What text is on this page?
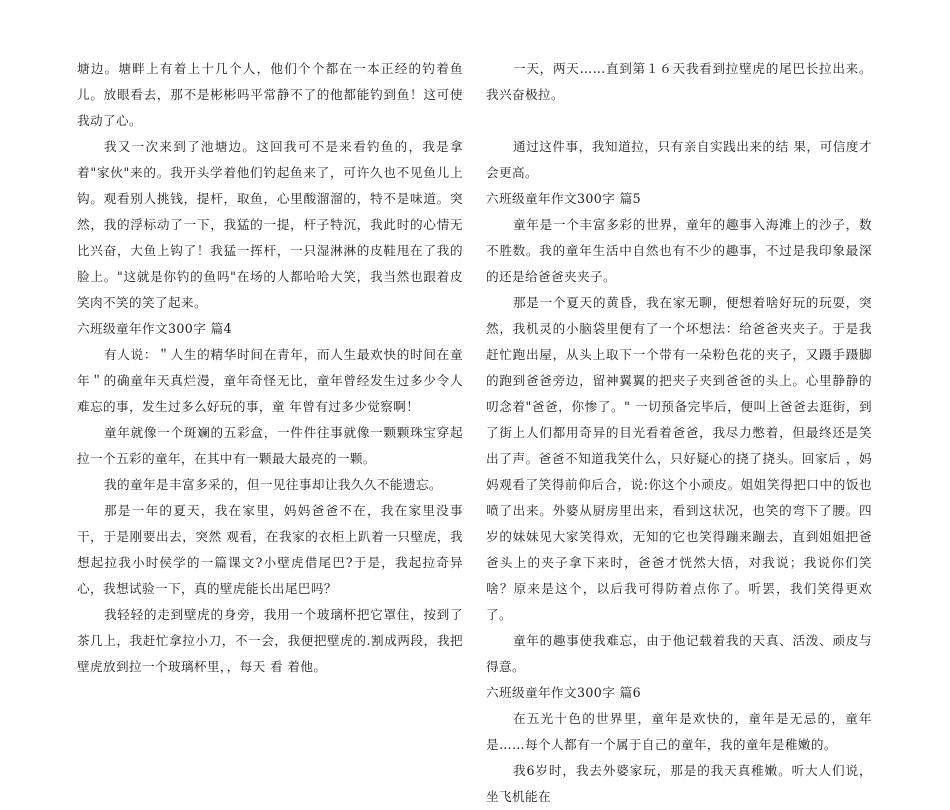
塘边。塘畔上有着上十几个人，他们个个都在一本正经的钓着鱼儿。放眼看去，那不是彬彬吗平常静不了的他都能钓到鱼！这可使我动了心。

我又一次来到了池塘边。这回我可不是来看钓鱼的，我是拿着"家伙"来的。我开头学着他们钓起鱼来了，可许久也不见鱼儿上钩。观看别人挑钱，提杆，取鱼，心里酸溜溜的，特不是味道。突然，我的浮标动了一下，我猛的一提，杆子特沉，我此时的心情无比兴奋，大鱼上钩了！我猛一挥杆，一只湿淋淋的皮鞋甩在了我的脸上。"这就是你钓的鱼吗"在场的人都哈哈大笑，我当然也跟着皮笑肉不笑的笑了起来。

六班级童年作文300字 篇4

有人说：＂人生的精华时间在青年，而人生最欢快的时间在童年＂的确童年天真烂漫，童年奇怪无比，童年曾经发生过多少令人难忘的事，发生过多么好玩的事，童 年曾有过多少觉察啊！

童年就像一个斑斓的五彩盒，一件件往事就像一颗颗珠宝穿起拉一个五彩的童年，在其中有一颗最大最亮的一颗。

我的童年是丰富多采的，但一见往事却让我久久不能遗忘。

那是一年的夏天，我在家里，妈妈爸爸不在，我在家里没事干，于是刚要出去，突然 观看，在我家的衣柜上趴着一只壁虎，我想起拉我小时侯学的一篇课文?小壁虎借尾巴?于是，我起拉奇异 心，我想试验一下，真的壁虎能长出尾巴吗？

我轻轻的走到壁虎的身旁，我用一个玻璃杯把它罩住，按到了茶几上，我赶忙拿拉小刀，不一会，我便把壁虎的.割成两段，我把壁虎放到拉一个玻璃杯里，，每天 看 着他。

一天，两天……直到第１６天我看到拉壁虎的尾巴长拉出来。我兴奋极拉。

通过这件事，我知道拉，只有亲自实践出来的结 果，可信度才会更高。

六班级童年作文300字 篇5

童年是一个丰富多彩的世界，童年的趣事入海滩上的沙子，数不胜数。我的童年生活中自然也有不少的趣事，不过是我印象最深的还是给爸爸夹夹子。

那是一个夏天的黄昏，我在家无聊，便想着啥好玩的玩耍，突然，我机灵的小脑袋里便有了一个坏想法：给爸爸夹夹子。于是我赶忙跑出屋，从头上取下一个带有一朵粉色花的夹子，又蹑手蹑脚的跑到爸爸旁边，留神翼翼的把夹子夹到爸爸的头上。心里静静的叨念着"爸爸，你惨了。" 一切预备完毕后，便叫上爸爸去逛街，到了街上人们都用奇异的目光看着爸爸，我尽力憋着，但最终还是笑出了声。爸爸不知道我笑什么，只好疑心的挠了挠头。回家后 ，妈妈观看了笑得前仰后合，说:你这个小顽皮。姐姐笑得把口中的饭也喷了出来。外婆从厨房里出来，看到这状况，也笑的弯下了腰。四岁的妹妹见大家笑得欢，无知的它也笑得蹦来蹦去，直到姐姐把爸爸头上的夹子拿下来时，爸爸才恍然大悟，对我说；我说你们笑啥？原来是这个，以后我可得防着点你了。听罢，我们笑得更欢了。

童年的趣事使我难忘，由于他记载着我的天真、活泼、顽皮与得意。

六班级童年作文300字 篇6

在五光十色的世界里，童年是欢快的，童年是无忌的，童年是……每个人都有一个属于自己的童年，我的童年是稚嫩的。

我6岁时，我去外婆家玩，那是的我天真稚嫩。听大人们说，坐飞机能在
